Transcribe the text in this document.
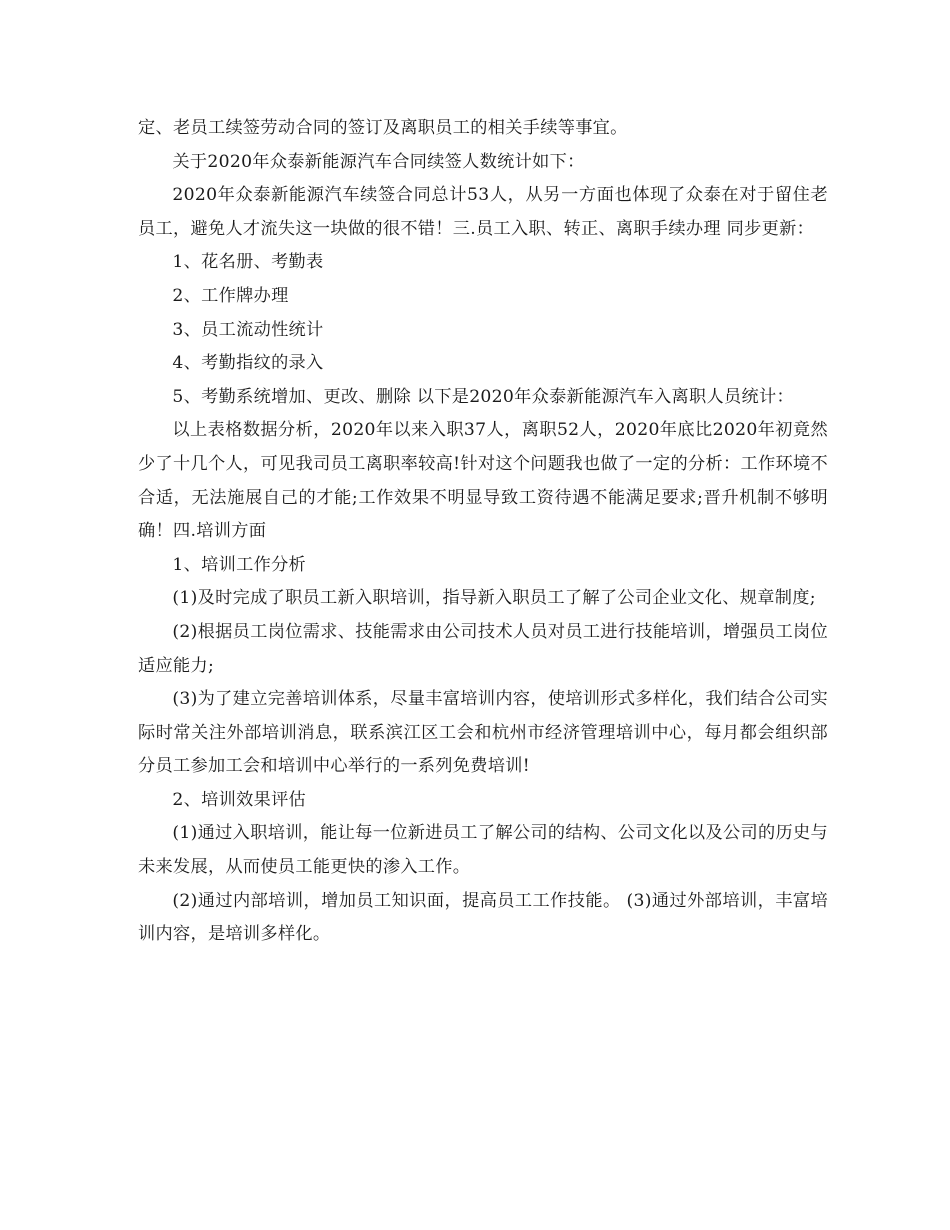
定、老员工续签劳动合同的签订及离职员工的相关手续等事宜。

关于2020年众泰新能源汽车合同续签人数统计如下：

2020年众泰新能源汽车续签合同总计53人，从另一方面也体现了众泰在对于留住老员工，避免人才流失这一块做的很不错！三.员工入职、转正、离职手续办理 同步更新：

1、花名册、考勤表

2、工作牌办理

3、员工流动性统计

4、考勤指纹的录入

5、考勤系统增加、更改、删除 以下是2020年众泰新能源汽车入离职人员统计：

以上表格数据分析，2020年以来入职37人，离职52人，2020年底比2020年初竟然少了十几个人，可见我司员工离职率较高!针对这个问题我也做了一定的分析：工作环境不合适，无法施展自己的才能;工作效果不明显导致工资待遇不能满足要求;晋升机制不够明确！四.培训方面

1、培训工作分析

(1)及时完成了职员工新入职培训，指导新入职员工了解了公司企业文化、规章制度;

(2)根据员工岗位需求、技能需求由公司技术人员对员工进行技能培训，增强员工岗位适应能力;

(3)为了建立完善培训体系，尽量丰富培训内容，使培训形式多样化，我们结合公司实际时常关注外部培训消息，联系滨江区工会和杭州市经济管理培训中心，每月都会组织部分员工参加工会和培训中心举行的一系列免费培训!

2、培训效果评估

(1)通过入职培训，能让每一位新进员工了解公司的结构、公司文化以及公司的历史与未来发展，从而使员工能更快的渗入工作。

(2)通过内部培训，增加员工知识面，提高员工工作技能。 (3)通过外部培训，丰富培训内容，是培训多样化。
